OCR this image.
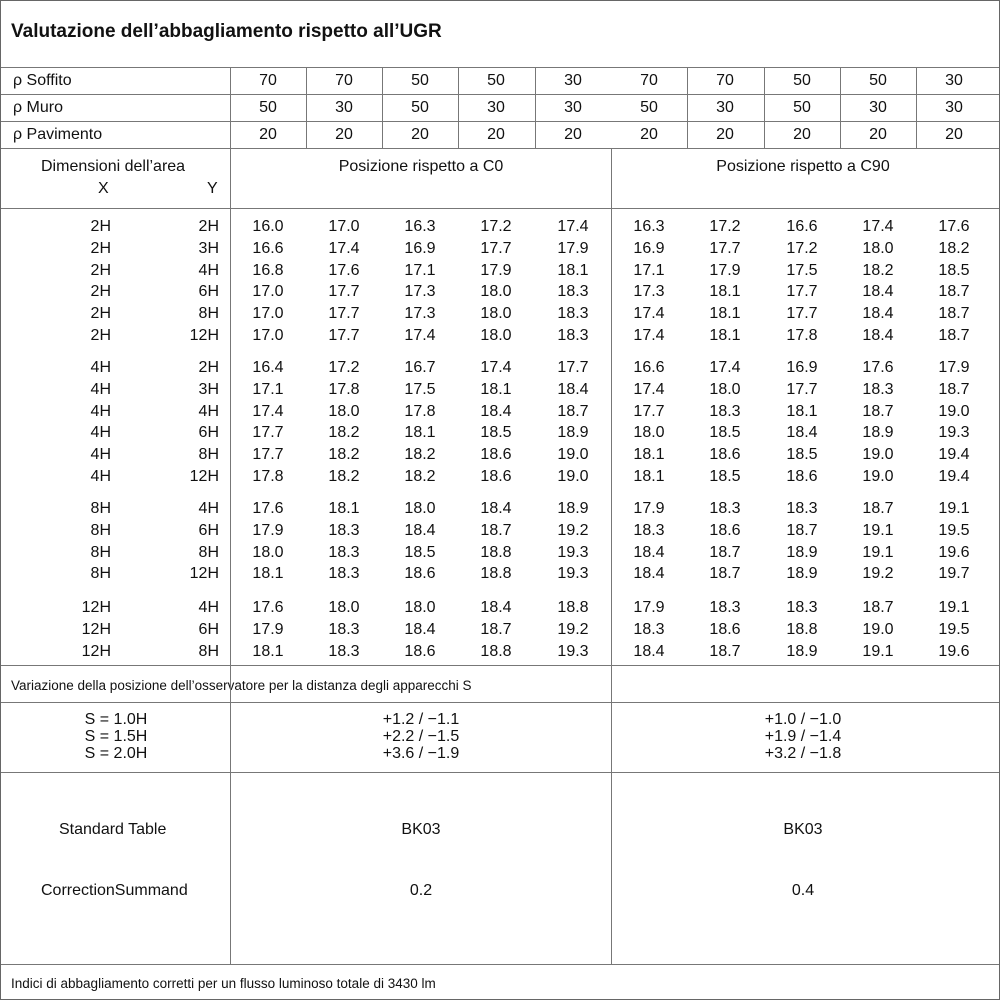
Valutazione dell’abbagliamento rispetto all’UGR
Dimensioni dell’area
X	Y
Posizione rispetto a C0	Posizione rispetto a C90
Variazione della posizione dell’osservatore per la distanza degli apparecchi S
Standard Table	BK03	BK03
CorrectionSummand	0.2	0.4
Indici di abbagliamento corretti per un flusso luminoso totale di 3430 lm
ρ Soffito	70	70	50	50	30	70	70	50	50	30
ρ Muro	50	30	50	30	30	50	30	50	30	30
ρ Pavimento	20	20	20	20	20	20	20	20	20	20
2H	2H	16.0	17.0	16.3	17.2	17.4	16.3	17.2	16.6	17.4	17.6
2H	3H	16.6	17.4	16.9	17.7	17.9	16.9	17.7	17.2	18.0	18.2
2H	4H	16.8	17.6	17.1	17.9	18.1	17.1	17.9	17.5	18.2	18.5
2H	6H	17.0	17.7	17.3	18.0	18.3	17.3	18.1	17.7	18.4	18.7
2H	8H	17.0	17.7	17.3	18.0	18.3	17.4	18.1	17.7	18.4	18.7
2H	12H	17.0	17.7	17.4	18.0	18.3	17.4	18.1	17.8	18.4	18.7
4H	2H	16.4	17.2	16.7	17.4	17.7	16.6	17.4	16.9	17.6	17.9
4H	3H	17.1	17.8	17.5	18.1	18.4	17.4	18.0	17.7	18.3	18.7
4H	4H	17.4	18.0	17.8	18.4	18.7	17.7	18.3	18.1	18.7	19.0
4H	6H	17.7	18.2	18.1	18.5	18.9	18.0	18.5	18.4	18.9	19.3
4H	8H	17.7	18.2	18.2	18.6	19.0	18.1	18.6	18.5	19.0	19.4
4H	12H	17.8	18.2	18.2	18.6	19.0	18.1	18.5	18.6	19.0	19.4
8H	4H	17.6	18.1	18.0	18.4	18.9	17.9	18.3	18.3	18.7	19.1
8H	6H	17.9	18.3	18.4	18.7	19.2	18.3	18.6	18.7	19.1	19.5
8H	8H	18.0	18.3	18.5	18.8	19.3	18.4	18.7	18.9	19.1	19.6
8H	12H	18.1	18.3	18.6	18.8	19.3	18.4	18.7	18.9	19.2	19.7
12H	4H	17.6	18.0	18.0	18.4	18.8	17.9	18.3	18.3	18.7	19.1
12H	6H	17.9	18.3	18.4	18.7	19.2	18.3	18.6	18.8	19.0	19.5
12H	8H	18.1	18.3	18.6	18.8	19.3	18.4	18.7	18.9	19.1	19.6
S = 1.0H	+1.2 / −1.1	+1.0 / −1.0
S = 1.5H	+2.2 / −1.5	+1.9 / −1.4
S = 2.0H	+3.6 / −1.9	+3.2 / −1.8
